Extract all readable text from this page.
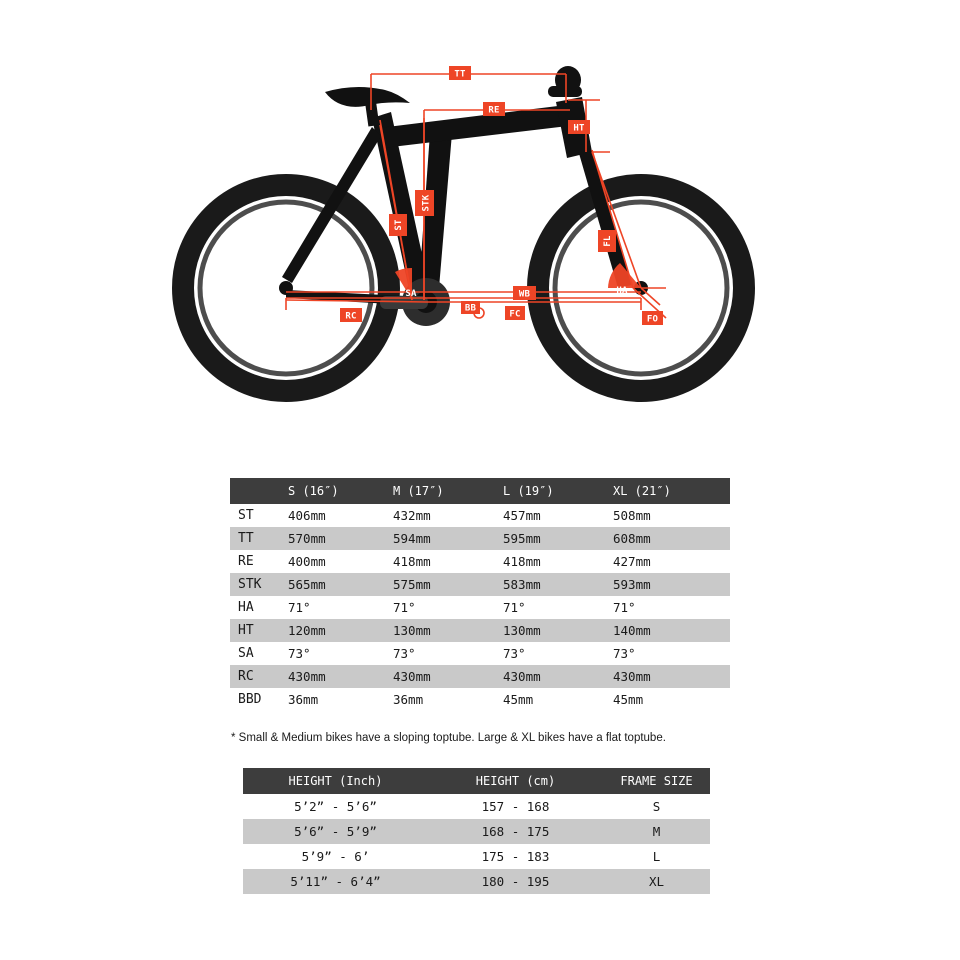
TT
RE
HT
STK
ST
FL
SA	HA
WB
RC
BB
FC	FO
	S (16″)	M (17″)	L (19″)	XL (21″)
ST	406mm	432mm	457mm	508mm
TT	570mm	594mm	595mm	608mm
RE	400mm	418mm	418mm	427mm
STK	565mm	575mm	583mm	593mm
HA	71°	71°	71°	71°
HT	120mm	130mm	130mm	140mm
SA	73°	73°	73°	73°
RC	430mm	430mm	430mm	430mm
BBD	36mm	36mm	45mm	45mm
* Small & Medium bikes have a sloping toptube. Large & XL bikes have a flat toptube.
HEIGHT (Inch)	HEIGHT (cm)	FRAME SIZE
5’2” - 5’6”	157 - 168	S
5’6” - 5’9”	168 - 175	M
5’9” - 6’	175 - 183	L
5’11” - 6’4”	180 - 195	XL
